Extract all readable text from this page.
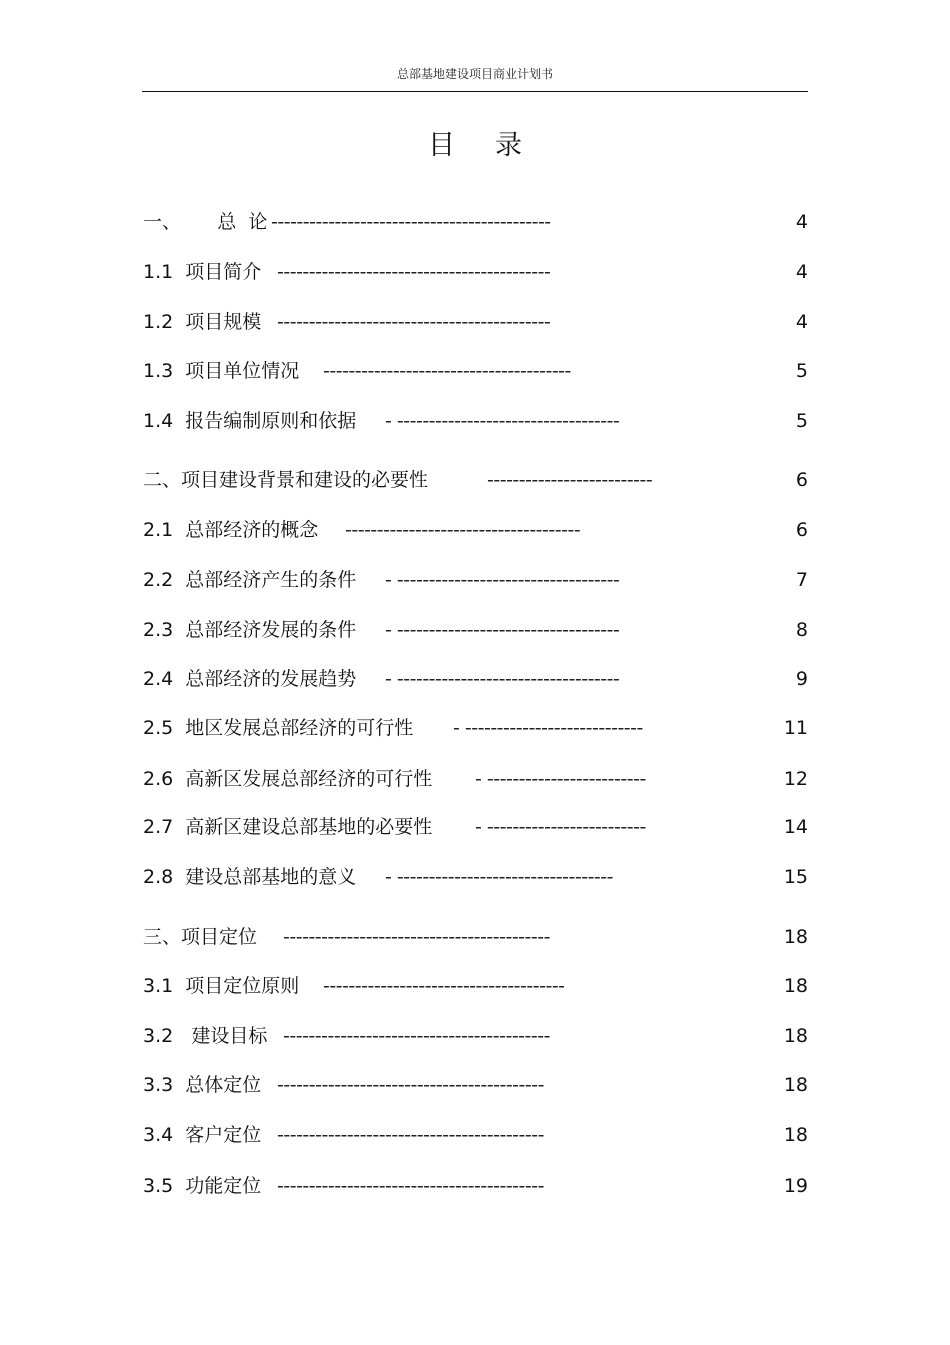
总部基地建设项目商业计划书
目录
一、      总  论 --------------------------------------------	4
1.1  项目简介 -------------------------------------------	4
1.2  项目规模 -------------------------------------------	4
1.3  项目单位情况 ---------------------------------------	5
1.4  报告编制原则和依据 - -----------------------------------	5
二、项目建设背景和建设的必要性	--------------------------	6
2.1  总部经济的概念 -------------------------------------	6
2.2  总部经济产生的条件 - -----------------------------------	7
2.3  总部经济发展的条件 - -----------------------------------	8
2.4  总部经济的发展趋势 - -----------------------------------	9
2.5  地区发展总部经济的可行性 - ----------------------------	11
2.6  高新区发展总部经济的可行性 - -------------------------	12
2.7  高新区建设总部基地的必要性 - -------------------------	14
2.8  建设总部基地的意义 - ----------------------------------	15
三、项目定位 ------------------------------------------	18
3.1  项目定位原则 --------------------------------------	18
3.2   建设目标 ------------------------------------------	18
3.3  总体定位 ------------------------------------------	18
3.4  客户定位 ------------------------------------------	18
3.5  功能定位 ------------------------------------------	19
